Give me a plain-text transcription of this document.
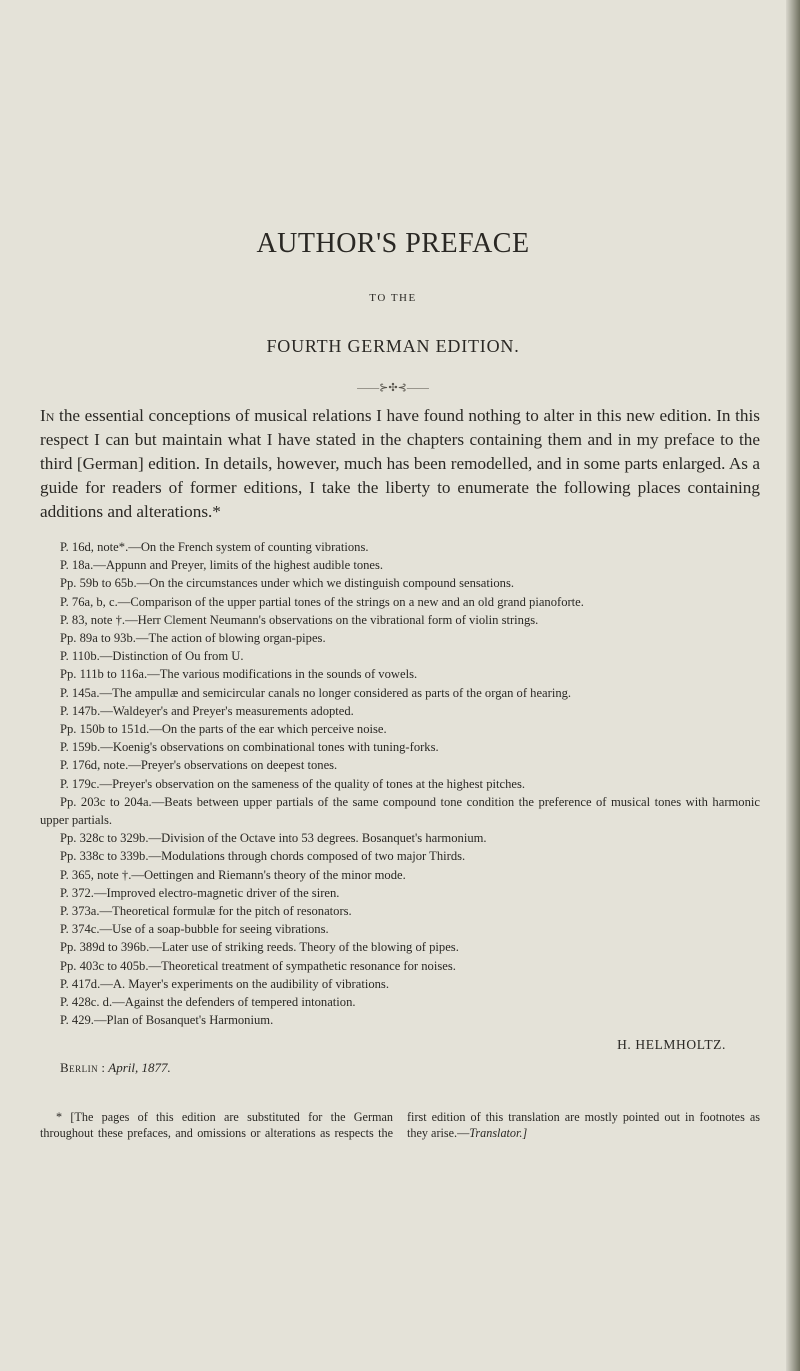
AUTHOR'S PREFACE
TO THE
FOURTH GERMAN EDITION.
——⊱✣⊰——

In the essential conceptions of musical relations I have found nothing to alter in this new edition. In this respect I can but maintain what I have stated in the chapters containing them and in my preface to the third [German] edition. In details, however, much has been remodelled, and in some parts enlarged. As a guide for readers of former editions, I take the liberty to enumerate the following places containing additions and alterations.*

P. 16d, note*.—On the French system of counting vibrations.

P. 18a.—Appunn and Preyer, limits of the highest audible tones.

Pp. 59b to 65b.—On the circumstances under which we distinguish compound sensations.

P. 76a, b, c.—Comparison of the upper partial tones of the strings on a new and an old grand pianoforte.

P. 83, note †.—Herr Clement Neumann's observations on the vibrational form of violin strings.

Pp. 89a to 93b.—The action of blowing organ-pipes.

P. 110b.—Distinction of Ou from U.

Pp. 111b to 116a.—The various modifications in the sounds of vowels.

P. 145a.—The ampullæ and semicircular canals no longer considered as parts of the organ of hearing.

P. 147b.—Waldeyer's and Preyer's measurements adopted.

Pp. 150b to 151d.—On the parts of the ear which perceive noise.

P. 159b.—Koenig's observations on combinational tones with tuning-forks.

P. 176d, note.—Preyer's observations on deepest tones.

P. 179c.—Preyer's observation on the sameness of the quality of tones at the highest pitches.

Pp. 203c to 204a.—Beats between upper partials of the same compound tone condition the preference of musical tones with harmonic upper partials.

Pp. 328c to 329b.—Division of the Octave into 53 degrees. Bosanquet's harmonium.

Pp. 338c to 339b.—Modulations through chords composed of two major Thirds.

P. 365, note †.—Oettingen and Riemann's theory of the minor mode.

P. 372.—Improved electro-magnetic driver of the siren.

P. 373a.—Theoretical formulæ for the pitch of resonators.

P. 374c.—Use of a soap-bubble for seeing vibrations.

Pp. 389d to 396b.—Later use of striking reeds. Theory of the blowing of pipes.

Pp. 403c to 405b.—Theoretical treatment of sympathetic resonance for noises.

P. 417d.—A. Mayer's experiments on the audibility of vibrations.

P. 428c. d.—Against the defenders of tempered intonation.

P. 429.—Plan of Bosanquet's Harmonium.

H. HELMHOLTZ.
Berlin : April, 1877.

* [The pages of this edition are substituted for the German throughout these prefaces, and omissions or alterations as respects the first edition of this translation are mostly pointed out in footnotes as they arise.—Translator.]
